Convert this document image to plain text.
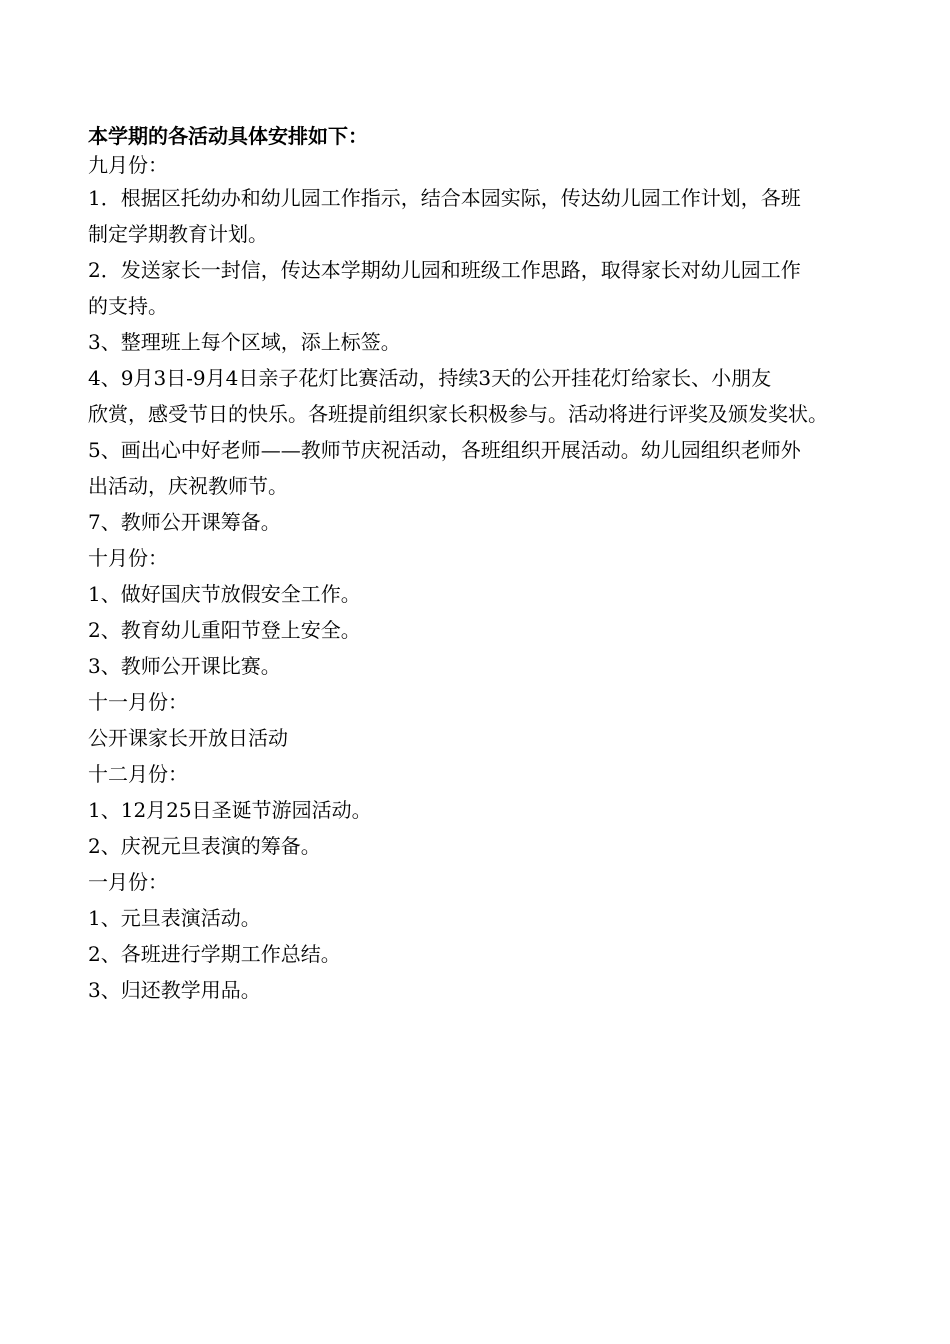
本学期的各活动具体安排如下：

九月份：

1．根据区托幼办和幼儿园工作指示，结合本园实际，传达幼儿园工作计划，各班

制定学期教育计划。

2．发送家长一封信，传达本学期幼儿园和班级工作思路，取得家长对幼儿园工作

的支持。

3、整理班上每个区域，添上标签。

4、9月3日-9月4日亲子花灯比赛活动，持续3天的公开挂花灯给家长、小朋友

欣赏，感受节日的快乐。各班提前组织家长积极参与。活动将进行评奖及颁发奖状。

5、画出心中好老师——教师节庆祝活动，各班组织开展活动。幼儿园组织老师外

出活动，庆祝教师节。

7、教师公开课筹备。

十月份：

1、做好国庆节放假安全工作。

2、教育幼儿重阳节登上安全。

3、教师公开课比赛。

十一月份：

公开课家长开放日活动

十二月份：

1、12月25日圣诞节游园活动。

2、庆祝元旦表演的筹备。

一月份：

1、元旦表演活动。

2、各班进行学期工作总结。

3、归还教学用品。
